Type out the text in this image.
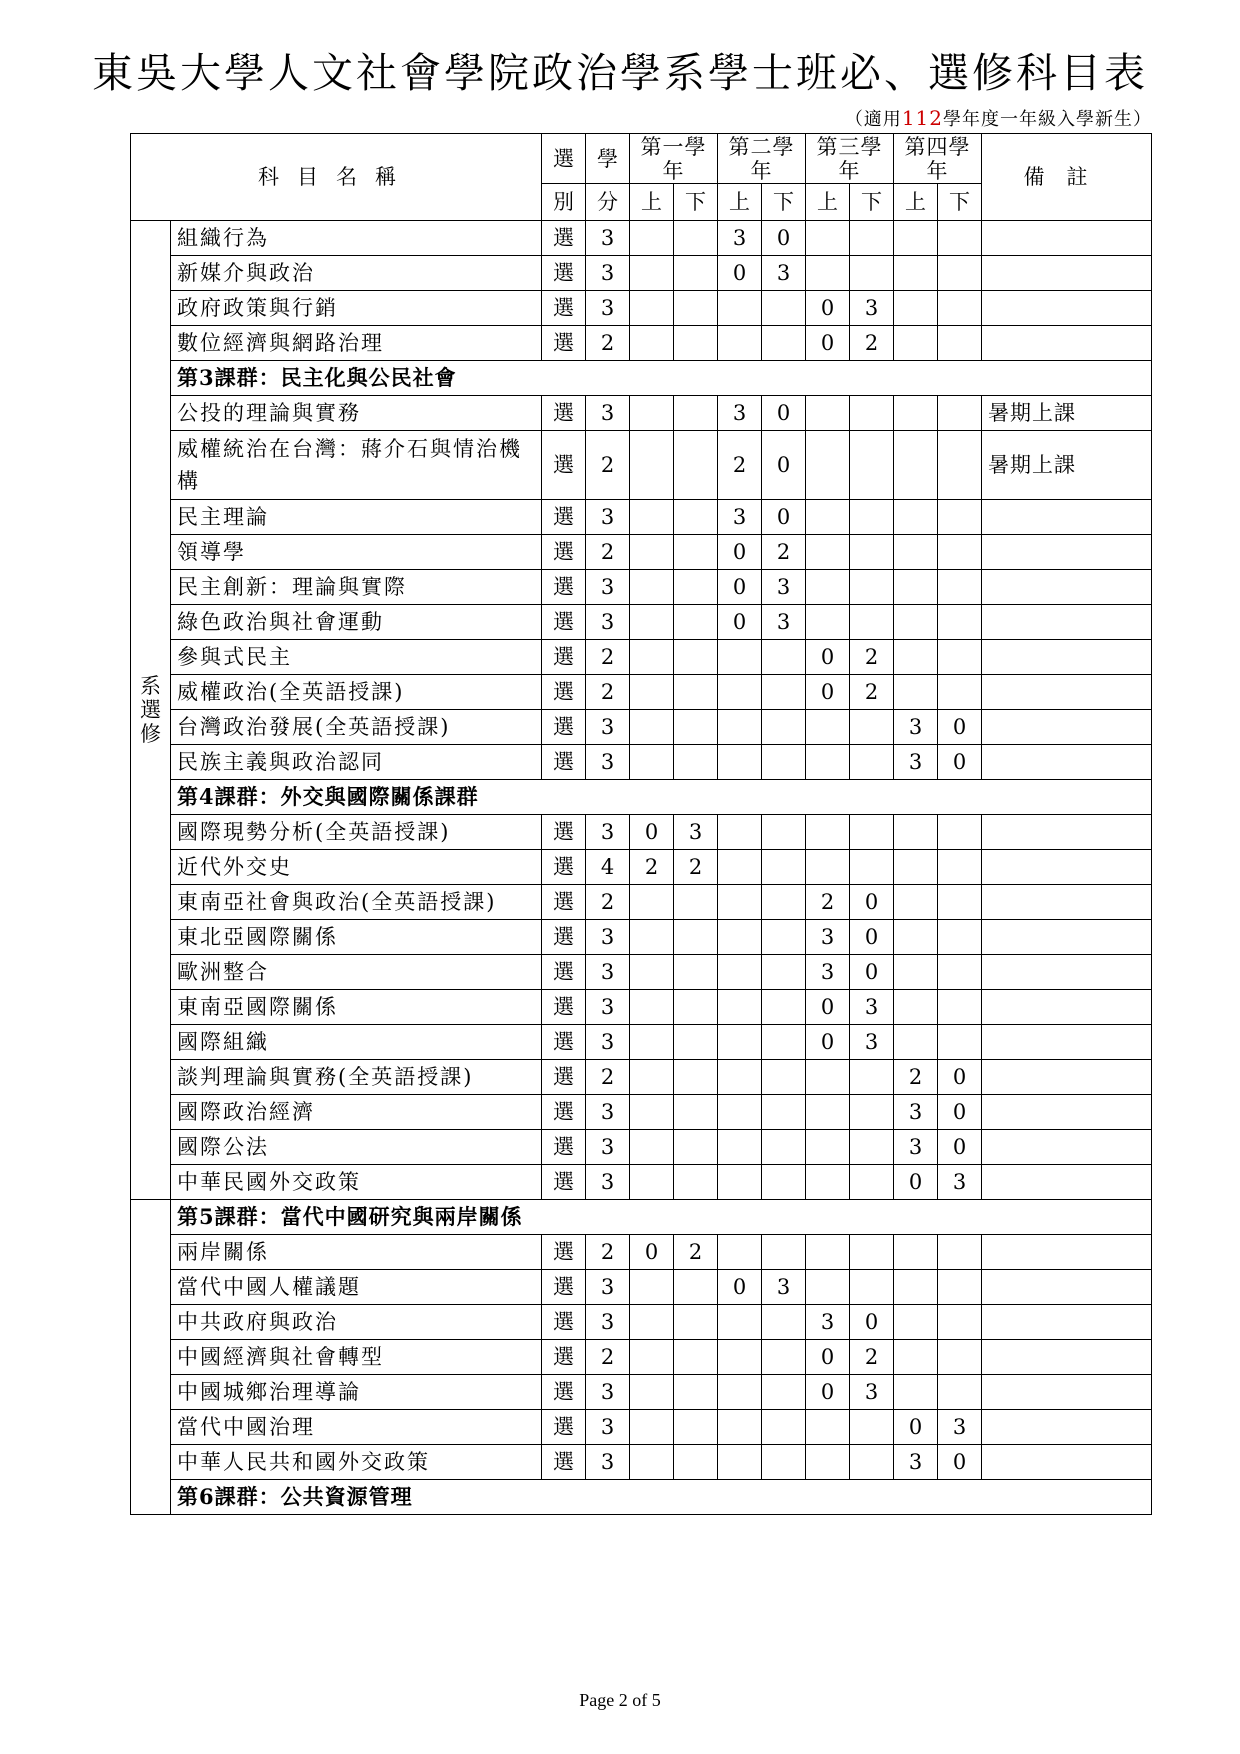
東吳大學人文社會學院政治學系學士班必、選修科目表
（適用112學年度一年級入學新生）
科目名稱		選	學	第一學年		第二學年		第三學年		第四學年		備註
		別	分	上	下	上	下	上	下	上	下	

系
選
修	組織行為	選	3			3	0					
	新媒介與政治	選	3			0	3					
	政府政策與行銷	選	3					0	3			
	數位經濟與網路治理	選	2					0	2			
	第3課群：民主化與公民社會											
	公投的理論與實務	選	3			3	0					暑期上課
	威權統治在台灣：蔣介石與情治機構	選	2			2	0					暑期上課
	民主理論	選	3			3	0					
	領導學	選	2			0	2					
	民主創新：理論與實際	選	3			0	3					
	綠色政治與社會運動	選	3			0	3					
	參與式民主	選	2					0	2			
	威權政治(全英語授課)	選	2					0	2			
	台灣政治發展(全英語授課)	選	3							3	0	
	民族主義與政治認同	選	3							3	0	
	第4課群：外交與國際關係課群											
	國際現勢分析(全英語授課)	選	3	0	3							
	近代外交史	選	4	2	2							
	東南亞社會與政治(全英語授課)	選	2					2	0			
	東北亞國際關係	選	3					3	0			
	歐洲整合	選	3					3	0			
	東南亞國際關係	選	3					0	3			
	國際組織	選	3					0	3			
	談判理論與實務(全英語授課)	選	2							2	0	
	國際政治經濟	選	3							3	0	
	國際公法	選	3							3	0	
	中華民國外交政策	選	3							0	3	
	第5課群：當代中國研究與兩岸關係											
	兩岸關係	選	2	0	2							
	當代中國人權議題	選	3			0	3					
	中共政府與政治	選	3					3	0			
	中國經濟與社會轉型	選	2					0	2			
	中國城鄉治理導論	選	3					0	3			
	當代中國治理	選	3							0	3	
	中華人民共和國外交政策	選	3							3	0	
	第6課群：公共資源管理											
Page 2 of 5
